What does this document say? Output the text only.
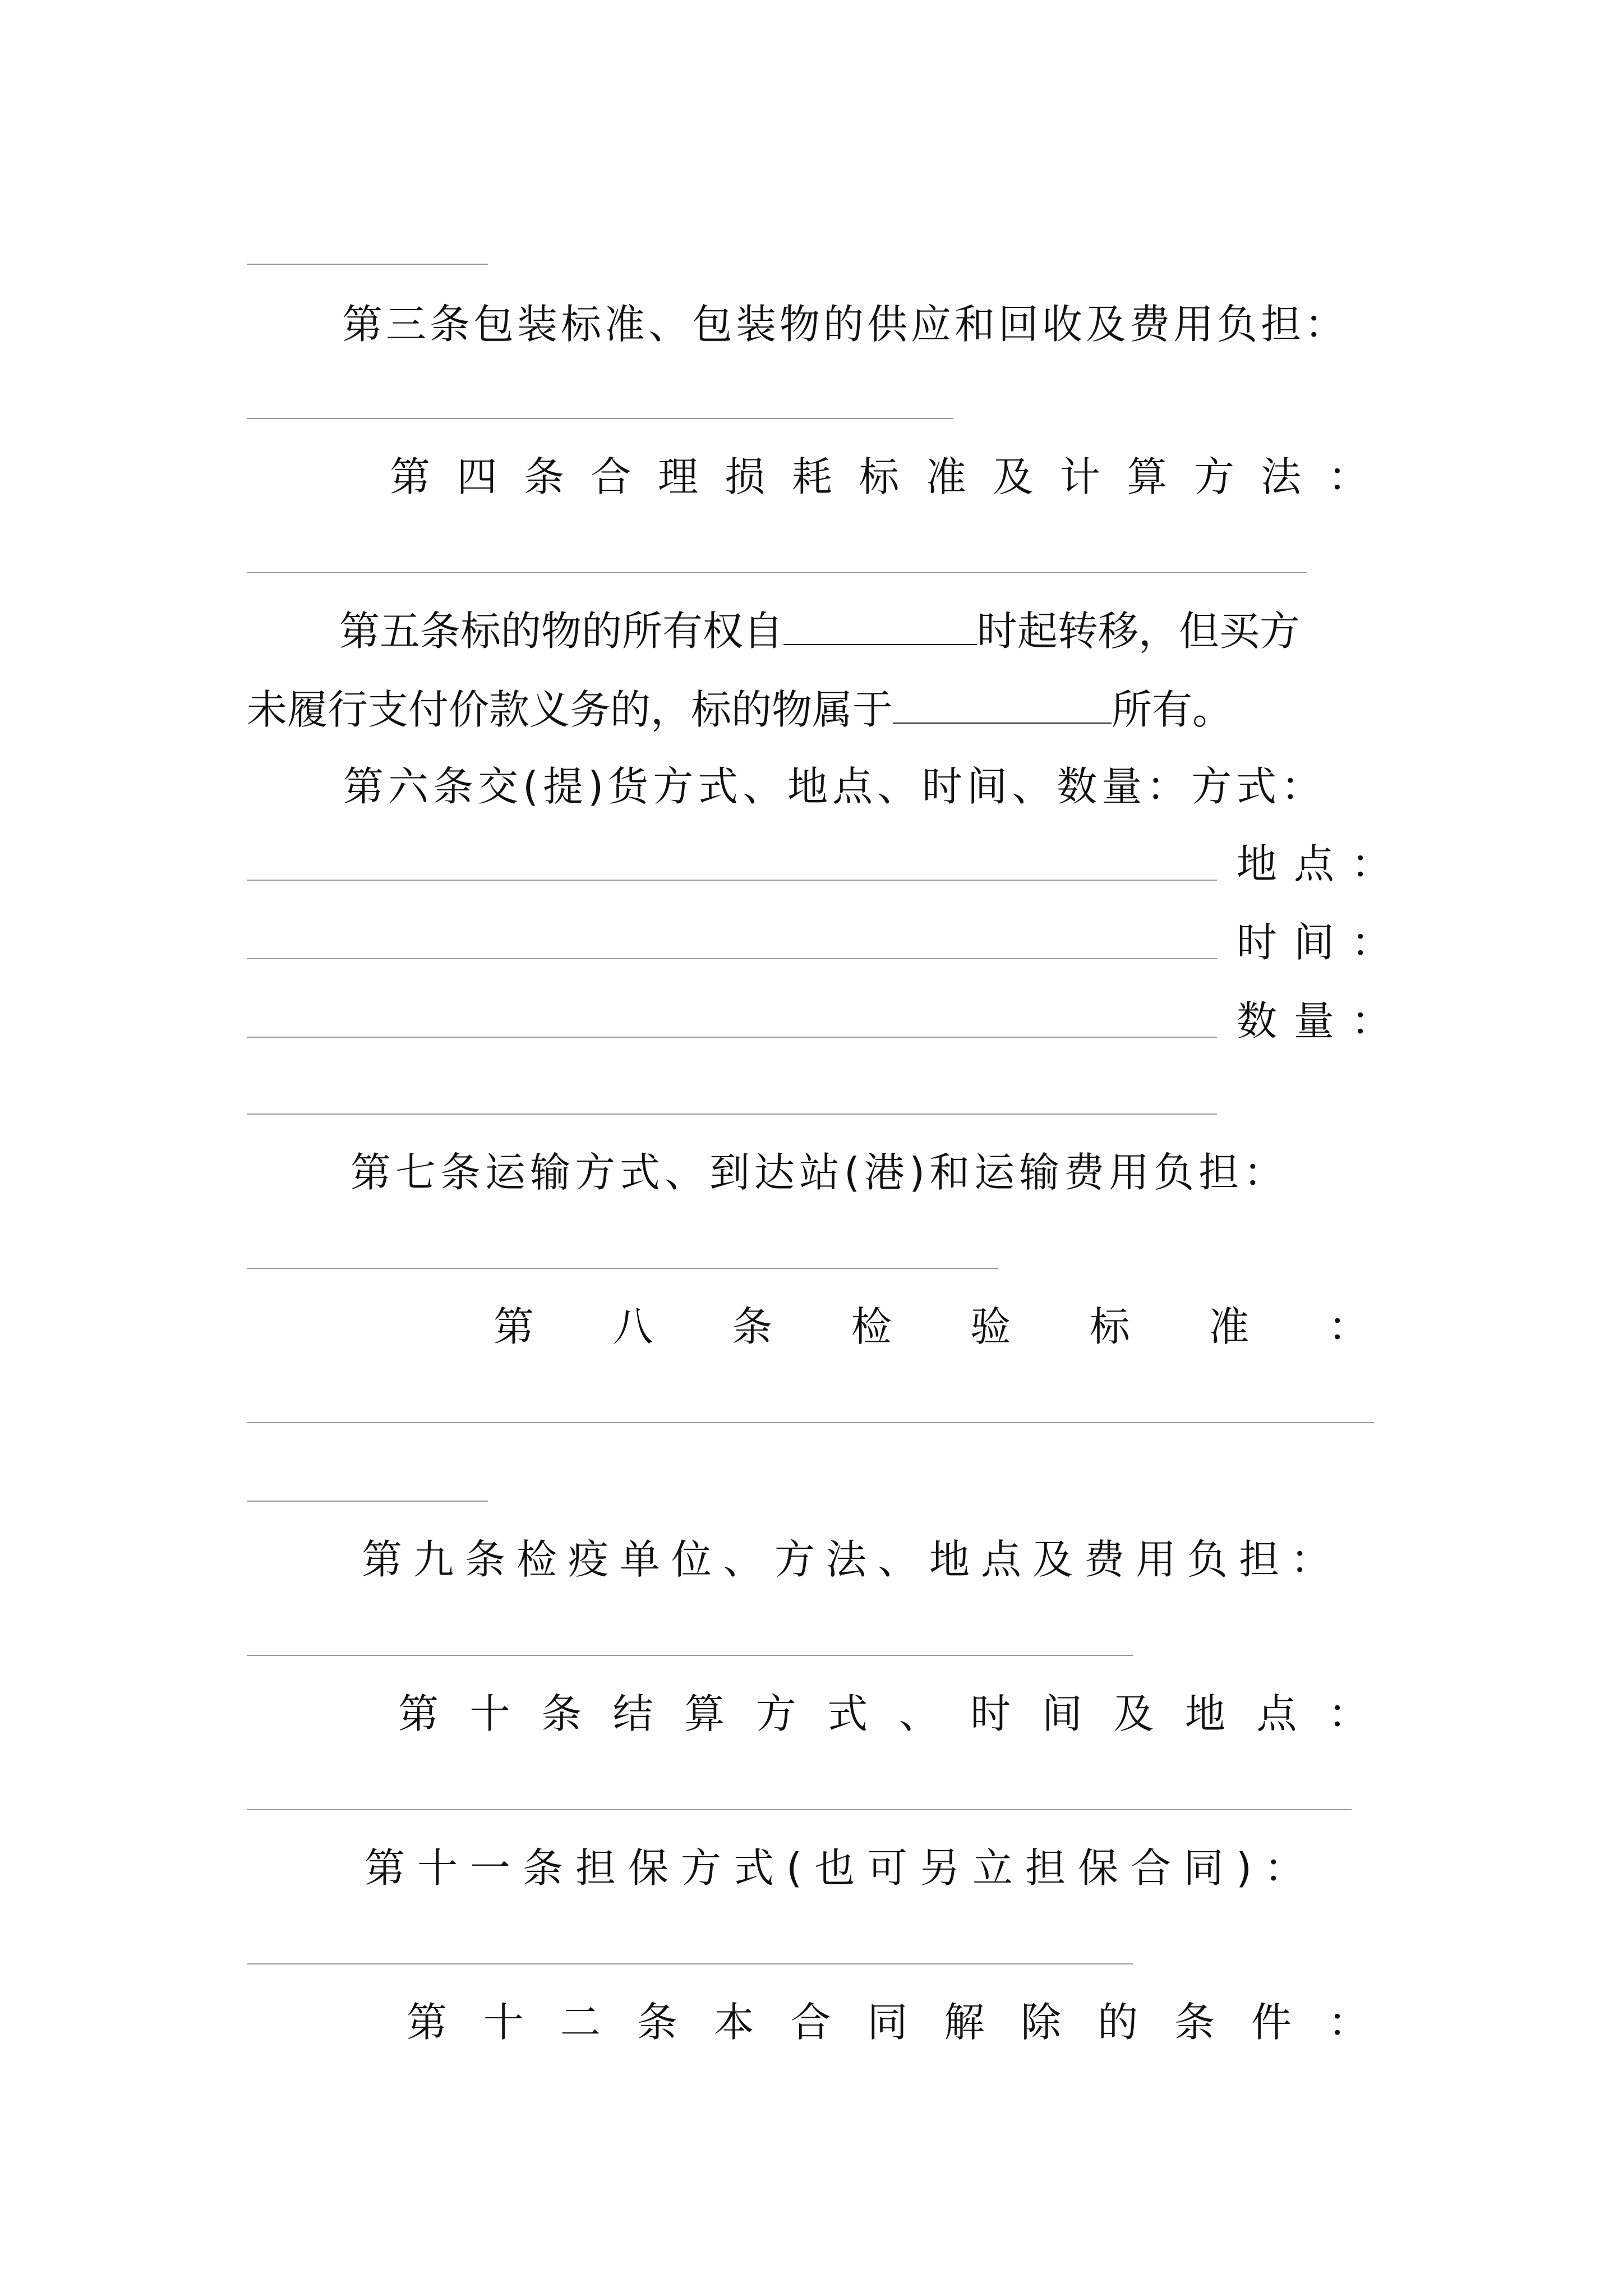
第三条包装标准、包装物的供应和回收及费用负担：
第 四 条 合 理 损 耗 标 准 及 计 算 方 法 ：
第五条标的物的所有权自	时起转移，但买方
未履行支付价款义务的，标的物属于	所有。
第六条交(提)货方式、地点、时间、数量：方式：
地点：
时间：
数量：
第七条运输方式、到达站(港)和运输费用负担：
第 八 条 检 验 标 准 ：
第九条检疫单位、方法、地点及费用负担：
第 十 条 结 算 方 式 、 时 间 及 地 点 ：
第十一条担保方式(也可另立担保合同)：
第 十 二 条 本 合 同 解 除 的 条 件 ：
